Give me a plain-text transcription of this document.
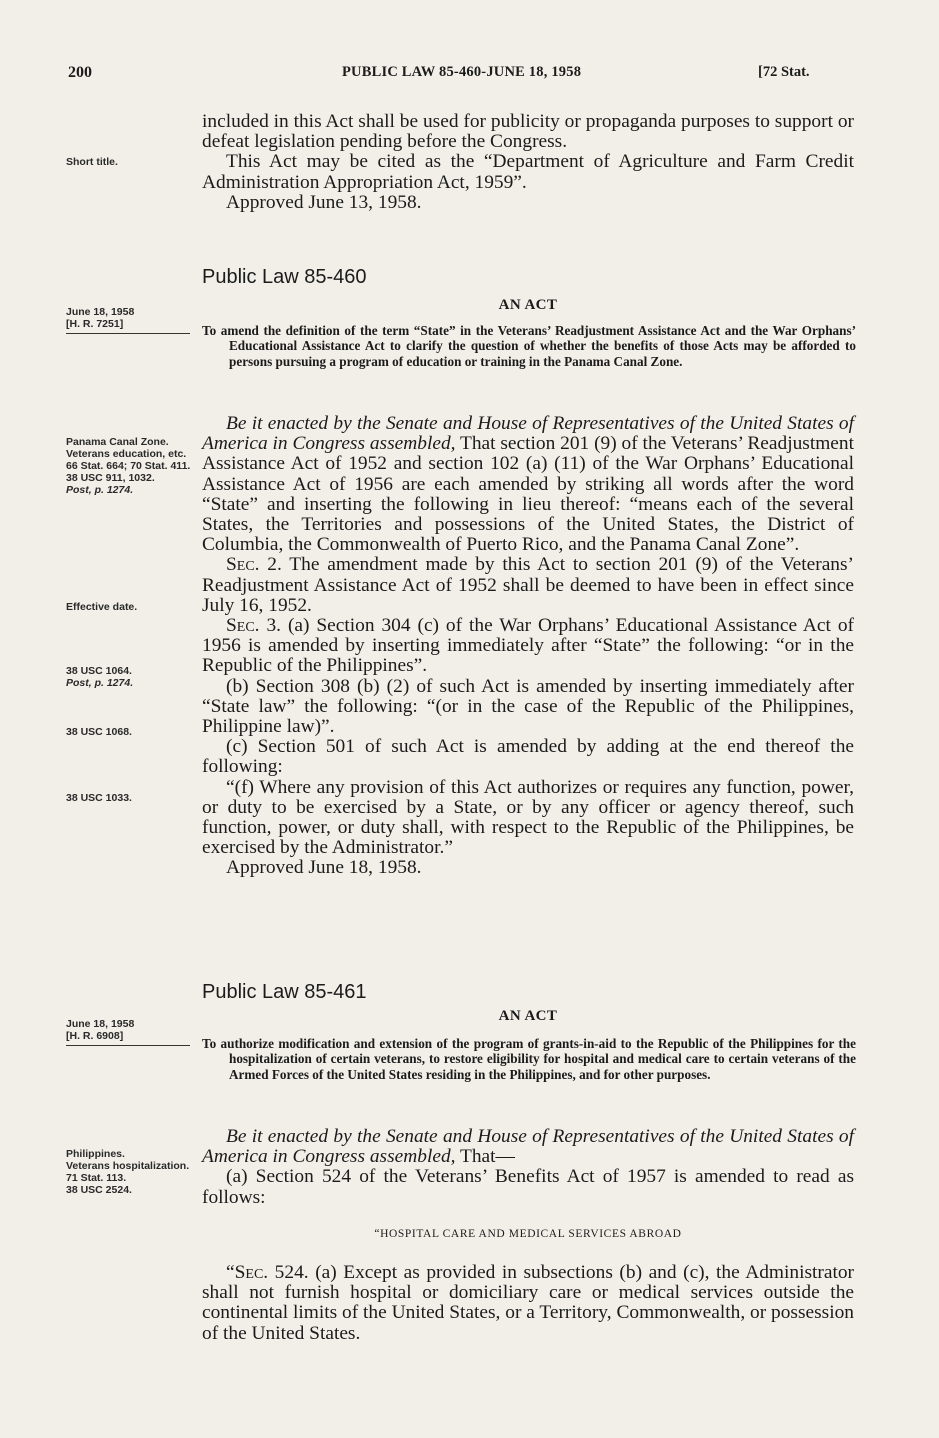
200	PUBLIC LAW 85-460-JUNE 18, 1958	[72 Stat.

included in this Act shall be used for publicity or propaganda purposes to support or defeat legislation pending before the Congress.

This Act may be cited as the “Department of Agriculture and Farm Credit Administration Appropriation Act, 1959”.

Approved June 13, 1958.

Short title.
Public Law 85-460
AN ACT
June 18, 1958
[H. R. 7251]	To amend the definition of the term “State” in the Veterans’ Readjustment Assistance Act and the War Orphans’ Educational Assistance Act to clarify the question of whether the benefits of those Acts may be afforded to persons pursuing a program of education or training in the Panama Canal Zone.

Be it enacted by the Senate and House of Representatives of the United States of America in Congress assembled, That section 201 (9) of the Veterans’ Readjustment Assistance Act of 1952 and section 102 (a) (11) of the War Orphans’ Educational Assistance Act of 1956 are each amended by striking all words after the word “State” and inserting the following in lieu thereof: “means each of the several States, the Territories and possessions of the United States, the District of Columbia, the Commonwealth of Puerto Rico, and the Panama Canal Zone”.

Sec. 2. The amendment made by this Act to section 201 (9) of the Veterans’ Readjustment Assistance Act of 1952 shall be deemed to have been in effect since July 16, 1952.

Sec. 3. (a) Section 304 (c) of the War Orphans’ Educational Assistance Act of 1956 is amended by inserting immediately after “State” the following: “or in the Republic of the Philippines”.

(b) Section 308 (b) (2) of such Act is amended by inserting immediately after “State law” the following: “(or in the case of the Republic of the Philippines, Philippine law)”.

(c) Section 501 of such Act is amended by adding at the end thereof the following:

“(f) Where any provision of this Act authorizes or requires any function, power, or duty to be exercised by a State, or by any officer or agency thereof, such function, power, or duty shall, with respect to the Republic of the Philippines, be exercised by the Administrator.”

Approved June 18, 1958.

Panama Canal Zone.
Veterans education, etc.
66 Stat. 664; 70 Stat. 411.
38 USC 911, 1032.
Post, p. 1274.
Effective date.
38 USC 1064.
Post, p. 1274.
38 USC 1068.
38 USC 1033.
Public Law 85-461
AN ACT
June 18, 1958
[H. R. 6908]	To authorize modification and extension of the program of grants-in-aid to the Republic of the Philippines for the hospitalization of certain veterans, to restore eligibility for hospital and medical care to certain veterans of the Armed Forces of the United States residing in the Philippines, and for other purposes.

Be it enacted by the Senate and House of Representatives of the United States of America in Congress assembled, That—

(a) Section 524 of the Veterans’ Benefits Act of 1957 is amended to read as follows:

“HOSPITAL CARE AND MEDICAL SERVICES ABROAD

“Sec. 524. (a) Except as provided in subsections (b) and (c), the Administrator shall not furnish hospital or domiciliary care or medical services outside the continental limits of the United States, or a Territory, Commonwealth, or possession of the United States.

Philippines.
Veterans hospitalization.
71 Stat. 113.
38 USC 2524.
